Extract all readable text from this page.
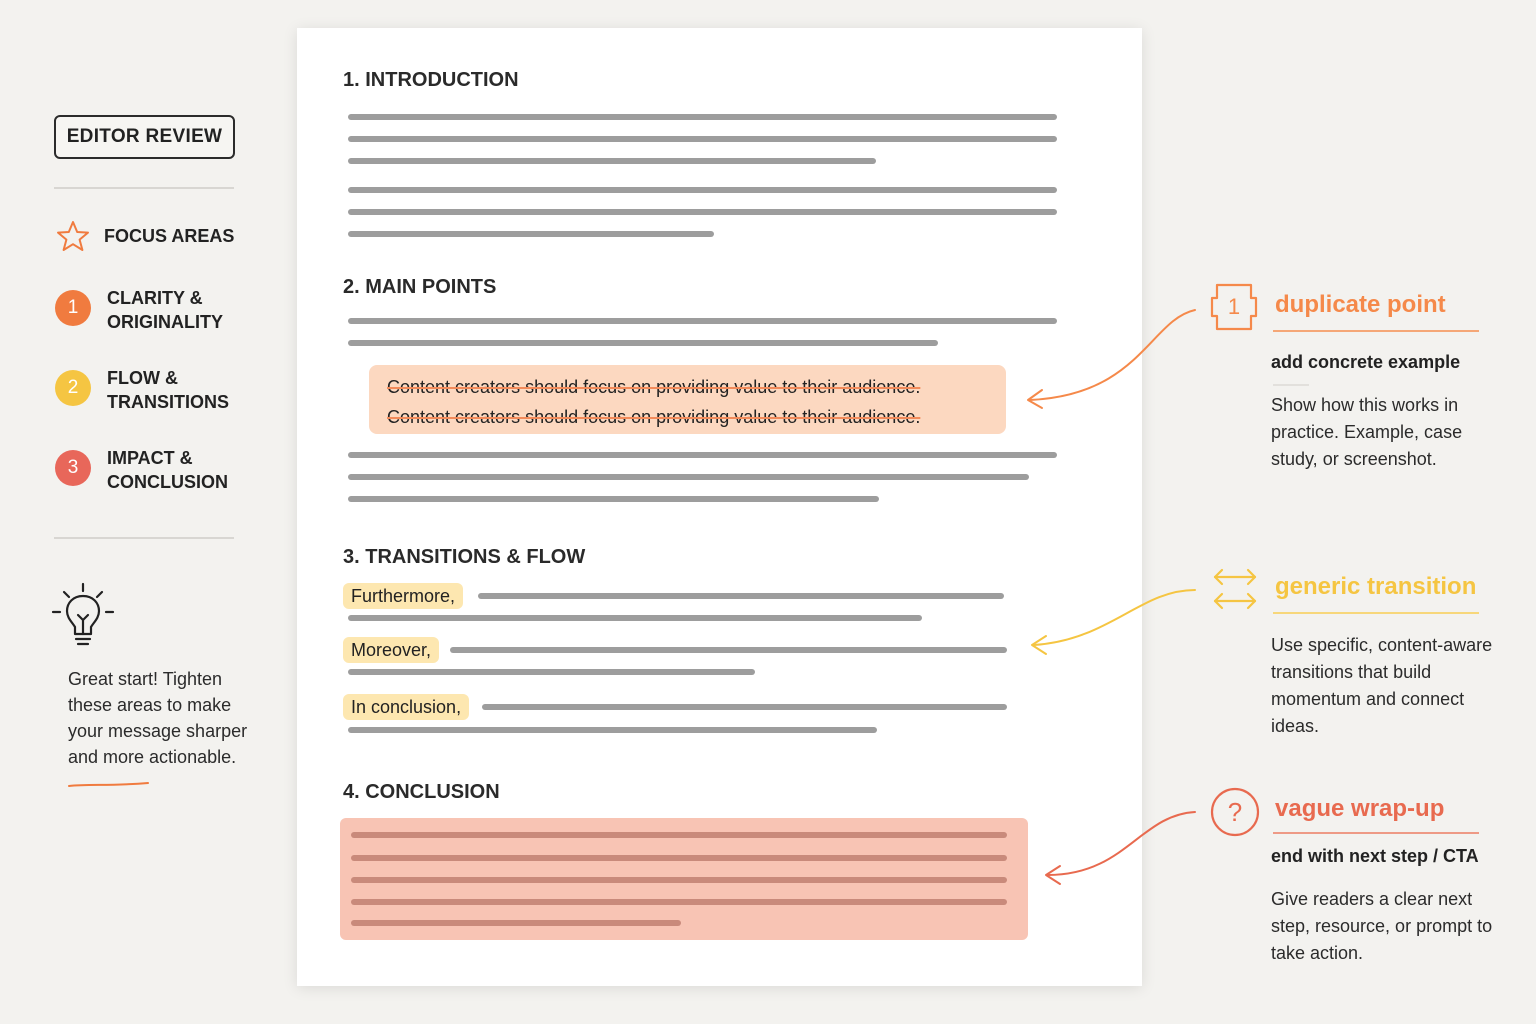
EDITOR REVIEW
FOCUS AREAS
1	CLARITY & ORIGINALITY
2	FLOW & TRANSITIONS
3	IMPACT & CONCLUSION
Great start! Tighten these areas to make your message sharper and more actionable.
1. INTRODUCTION
2. MAIN POINTS
Content creators should focus on providing value to their audience.
Content creators should focus on providing value to their audience.
3. TRANSITIONS & FLOW
Furthermore,
Moreover,
In conclusion,
4. CONCLUSION
1	duplicate point
add concrete example
Show how this works in practice. Example, case study, or screenshot.
generic transition
Use specific, content-aware transitions that build momentum and connect ideas.
?	vague wrap-up
end with next step / CTA
Give readers a clear next step, resource, or prompt to take action.
